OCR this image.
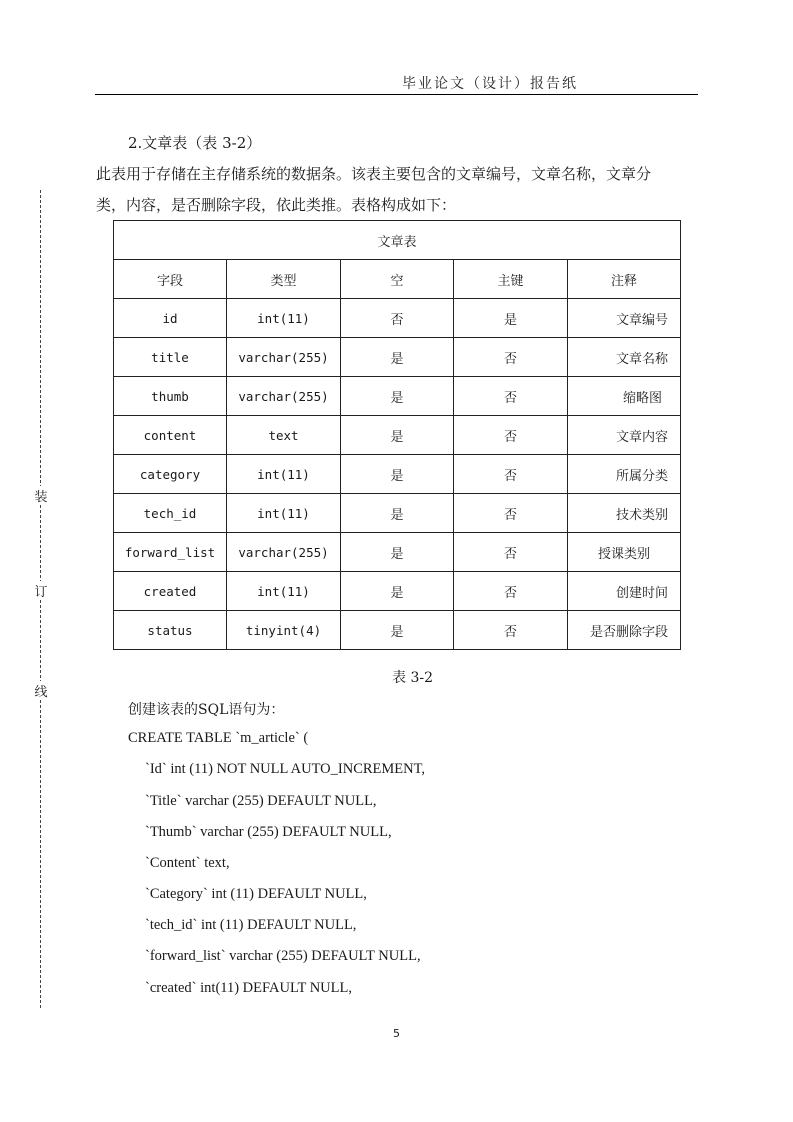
毕业论文（设计）报告纸
装
订
线
2.文章表（表 3-2）
此表用于存储在主存储系统的数据条。该表主要包含的文章编号，文章名称，文章分
类，内容，是否删除字段，依此类推。表格构成如下：
文章表				
字段	类型	空	主键	注释
id	int(11)	否	是	文章编号
title	varchar(255)	是	否	文章名称
thumb	varchar(255)	是	否	缩略图
content	text	是	否	文章内容
category	int(11)	是	否	所属分类
tech_id	int(11)	是	否	技术类别
forward_list	varchar(255)	是	否	授课类别
created	int(11)	是	否	创建时间
status	tinyint(4)	是	否	是否删除字段
表 3-2
创建该表的SQL语句为：
CREATE TABLE `m_article` (
`Id` int (11) NOT NULL AUTO_INCREMENT,
`Title` varchar (255) DEFAULT NULL,
`Thumb` varchar (255) DEFAULT NULL,
`Content` text,
`Category` int (11) DEFAULT NULL,
`tech_id` int (11) DEFAULT NULL,
`forward_list` varchar (255) DEFAULT NULL,
`created` int(11) DEFAULT NULL,
5
